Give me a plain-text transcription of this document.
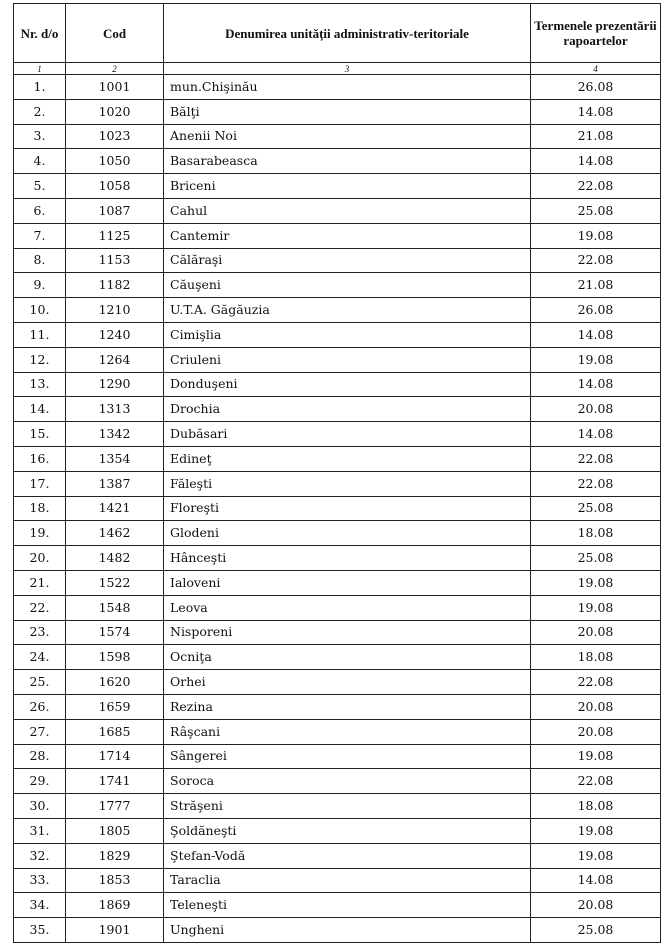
Nr. d/o	Cod	Denumirea unității administrativ-teritoriale	Termenele prezentării rapoartelor
1	2	3	4
1.	1001	mun.Chişinău	26.08
2.	1020	Bălţi	14.08
3.	1023	Anenii Noi	21.08
4.	1050	Basarabeasca	14.08
5.	1058	Briceni	22.08
6.	1087	Cahul	25.08
7.	1125	Cantemir	19.08
8.	1153	Călăraşi	22.08
9.	1182	Căuşeni	21.08
10.	1210	U.T.A. Găgăuzia	26.08
11.	1240	Cimişlia	14.08
12.	1264	Criuleni	19.08
13.	1290	Donduşeni	14.08
14.	1313	Drochia	20.08
15.	1342	Dubăsari	14.08
16.	1354	Edineţ	22.08
17.	1387	Făleşti	22.08
18.	1421	Floreşti	25.08
19.	1462	Glodeni	18.08
20.	1482	Hânceşti	25.08
21.	1522	Ialoveni	19.08
22.	1548	Leova	19.08
23.	1574	Nisporeni	20.08
24.	1598	Ocniţa	18.08
25.	1620	Orhei	22.08
26.	1659	Rezina	20.08
27.	1685	Râşcani	20.08
28.	1714	Sângerei	19.08
29.	1741	Soroca	22.08
30.	1777	Străşeni	18.08
31.	1805	Şoldăneşti	19.08
32.	1829	Ştefan-Vodă	19.08
33.	1853	Taraclia	14.08
34.	1869	Teleneşti	20.08
35.	1901	Ungheni	25.08
